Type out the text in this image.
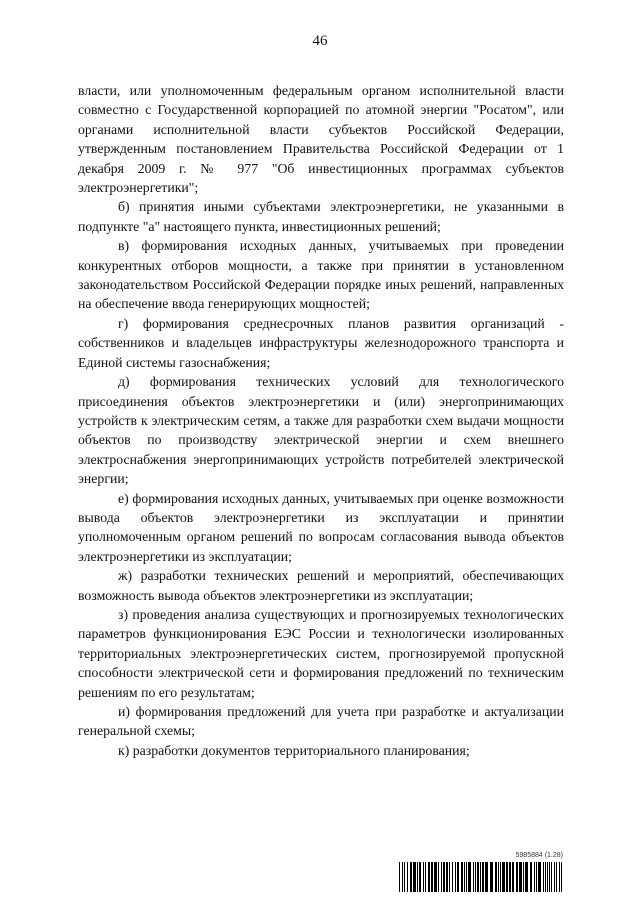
46

власти, или уполномоченным федеральным органом исполнительной власти совместно с Государственной корпорацией по атомной энергии "Росатом", или органами исполнительной власти субъектов Российской Федерации, утвержденным постановлением Правительства Российской Федерации от 1 декабря 2009 г. № 977 "Об инвестиционных программах субъектов электроэнергетики";

б) принятия иными субъектами электроэнергетики, не указанными в подпункте "а" настоящего пункта, инвестиционных решений;

в) формирования исходных данных, учитываемых при проведении конкурентных отборов мощности, а также при принятии в установленном законодательством Российской Федерации порядке иных решений, направленных на обеспечение ввода генерирующих мощностей;

г) формирования среднесрочных планов развития организаций - собственников и владельцев инфраструктуры железнодорожного транспорта и Единой системы газоснабжения;

д) формирования технических условий для технологического присоединения объектов электроэнергетики и (или) энергопринимающих устройств к электрическим сетям, а также для разработки схем выдачи мощности объектов по производству электрической энергии и схем внешнего электроснабжения энергопринимающих устройств потребителей электрической энергии;

е) формирования исходных данных, учитываемых при оценке возможности вывода объектов электроэнергетики из эксплуатации и принятии уполномоченным органом решений по вопросам согласования вывода объектов электроэнергетики из эксплуатации;

ж) разработки технических решений и мероприятий, обеспечивающих возможность вывода объектов электроэнергетики из эксплуатации;

з) проведения анализа существующих и прогнозируемых технологических параметров функционирования ЕЭС России и технологически изолированных территориальных электроэнергетических систем, прогнозируемой пропускной способности электрической сети и формирования предложений по техническим решениям по его результатам;

и) формирования предложений для учета при разработке и актуализации генеральной схемы;

к) разработки документов территориального планирования;

5985884 (1.28)
